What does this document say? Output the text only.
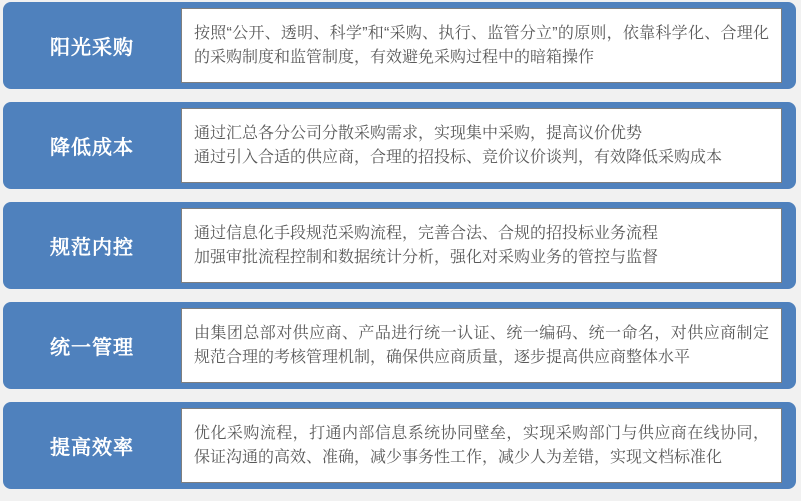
阳光采购

按照“公开、透明、科学”和“采购、执行、监管分立”的原则，依靠科学化、合理化的采购制度和监管制度，有效避免采购过程中的暗箱操作

降低成本

通过汇总各分公司分散采购需求，实现集中采购，提高议价优势

通过引入合适的供应商，合理的招投标、竞价议价谈判，有效降低采购成本

规范内控

通过信息化手段规范采购流程，完善合法、合规的招投标业务流程

加强审批流程控制和数据统计分析，强化对采购业务的管控与监督

统一管理

由集团总部对供应商、产品进行统一认证、统一编码、统一命名，对供应商制定规范合理的考核管理机制，确保供应商质量，逐步提高供应商整体水平

提高效率

优化采购流程，打通内部信息系统协同壁垒，实现采购部门与供应商在线协同，保证沟通的高效、准确，减少事务性工作，减少人为差错，实现文档标准化
